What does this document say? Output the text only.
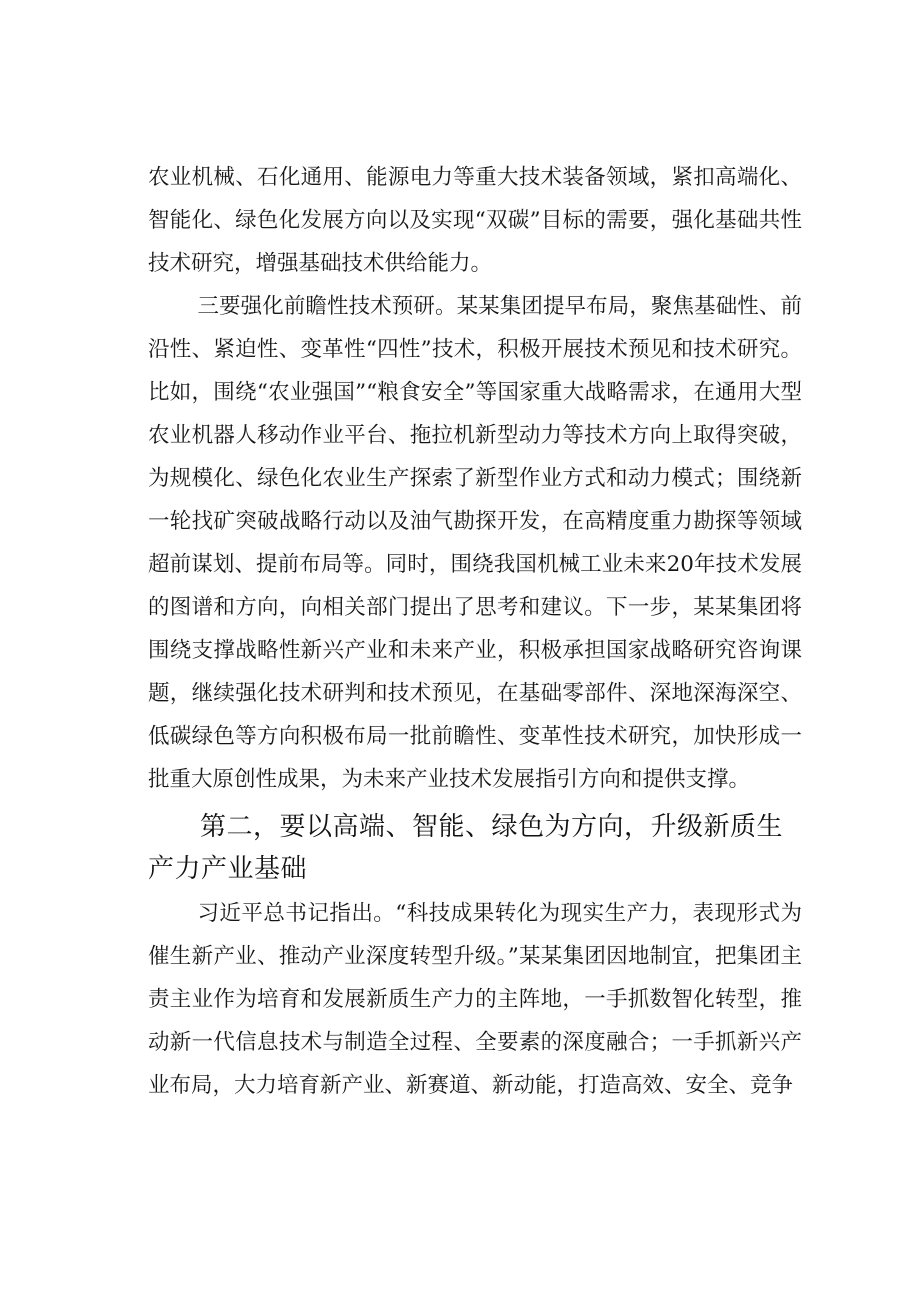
农业机械、石化通用、能源电力等重大技术装备领域，紧扣高端化、智能化、绿色化发展方向以及实现“双碳”目标的需要，强化基础共性技术研究，增强基础技术供给能力。

三要强化前瞻性技术预研。某某集团提早布局，聚焦基础性、前沿性、紧迫性、变革性“四性”技术，积极开展技术预见和技术研究。比如，围绕“农业强国”“粮食安全”等国家重大战略需求，在通用大型农业机器人移动作业平台、拖拉机新型动力等技术方向上取得突破，为规模化、绿色化农业生产探索了新型作业方式和动力模式；围绕新一轮找矿突破战略行动以及油气勘探开发，在高精度重力勘探等领域超前谋划、提前布局等。同时，围绕我国机械工业未来20年技术发展的图谱和方向，向相关部门提出了思考和建议。下一步，某某集团将围绕支撑战略性新兴产业和未来产业，积极承担国家战略研究咨询课题，继续强化技术研判和技术预见，在基础零部件、深地深海深空、低碳绿色等方向积极布局一批前瞻性、变革性技术研究，加快形成一批重大原创性成果，为未来产业技术发展指引方向和提供支撑。

第二，要以高端、智能、绿色为方向，升级新质生产力产业基础

习近平总书记指出。“科技成果转化为现实生产力，表现形式为催生新产业、推动产业深度转型升级。”某某集团因地制宜，把集团主责主业作为培育和发展新质生产力的主阵地，一手抓数智化转型，推动新一代信息技术与制造全过程、全要素的深度融合；一手抓新兴产业布局，大力培育新产业、新赛道、新动能，打造高效、安全、竞争
